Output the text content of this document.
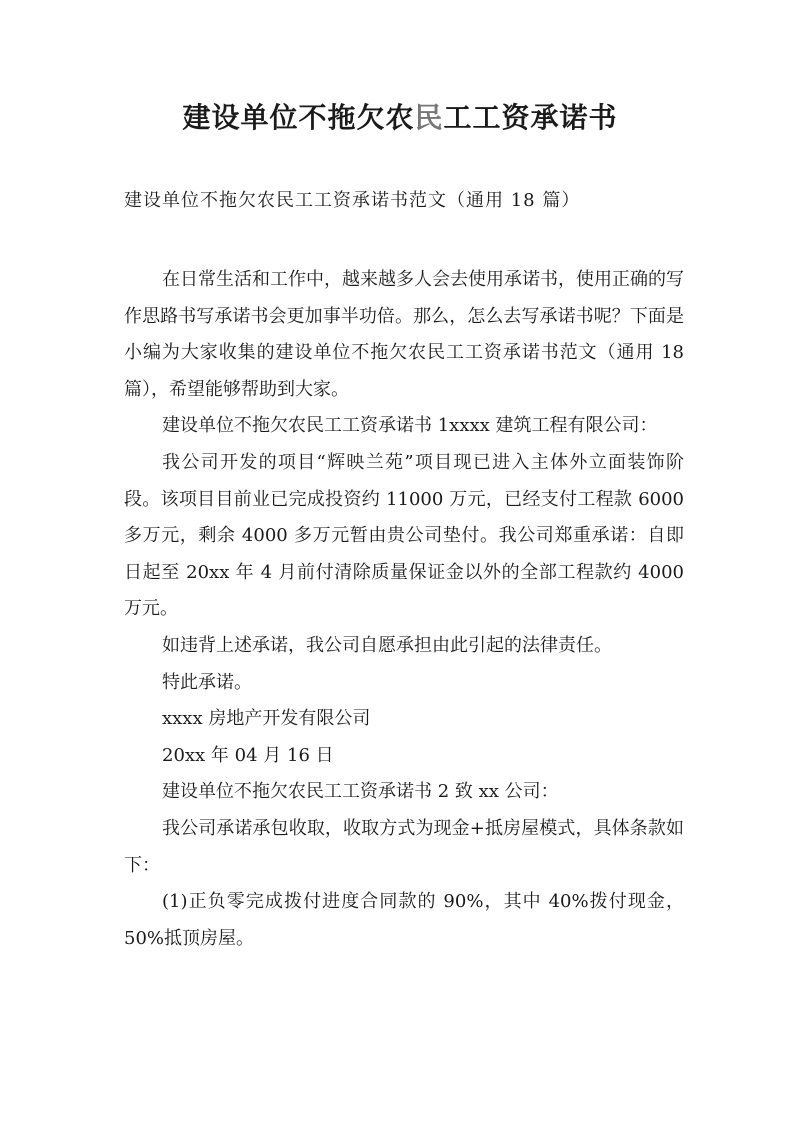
建设单位不拖欠农民工工资承诺书
建设单位不拖欠农民工工资承诺书范文（通用 18 篇）

在日常生活和工作中，越来越多人会去使用承诺书，使用正确的写作思路书写承诺书会更加事半功倍。那么，怎么去写承诺书呢？下面是小编为大家收集的建设单位不拖欠农民工工资承诺书范文（通用 18 篇），希望能够帮助到大家。

建设单位不拖欠农民工工资承诺书 1xxxx 建筑工程有限公司：

我公司开发的项目“辉映兰苑”项目现已进入主体外立面装饰阶段。该项目目前业已完成投资约 11000 万元，已经支付工程款 6000 多万元，剩余 4000 多万元暂由贵公司垫付。我公司郑重承诺：自即日起至 20xx 年 4 月前付清除质量保证金以外的全部工程款约 4000 万元。

如违背上述承诺，我公司自愿承担由此引起的法律责任。

特此承诺。

xxxx 房地产开发有限公司

20xx 年 04 月 16 日

建设单位不拖欠农民工工资承诺书 2 致 xx 公司：

我公司承诺承包收取，收取方式为现金+抵房屋模式，具体条款如下：

(1)正负零完成拨付进度合同款的 90%，其中 40%拨付现金，50%抵顶房屋。
